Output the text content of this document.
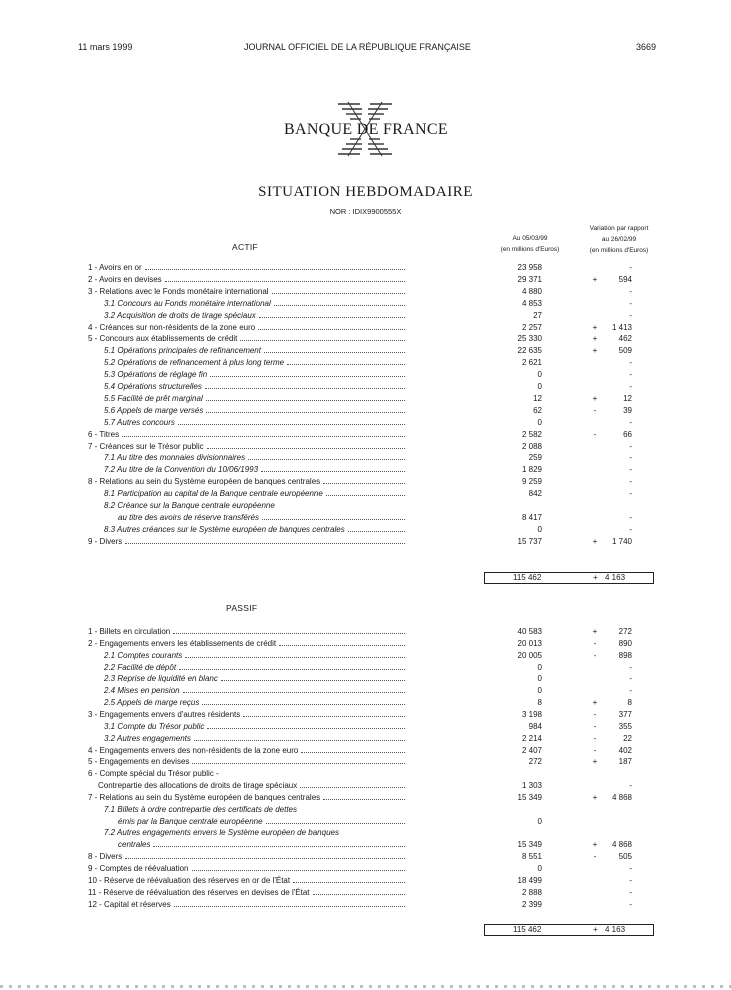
11 mars 1999	JOURNAL OFFICIEL DE LA RÉPUBLIQUE FRANÇAISE	3669
BANQUE DE FRANCE
SITUATION HEBDOMADAIRE
NOR : IDIX9900555X
Au 05/03/99
(en millions d'Euros)
Variation par rapport
au 26/02/99
(en millions d'Euros)
ACTIF
1 - Avoirs en or	23 958	-
2 - Avoirs en devises	29 371	+	594
3 - Relations avec le Fonds monétaire international	4 880	-
3.1 Concours au Fonds monétaire international	4 853	-
3.2 Acquisition de droits de tirage spéciaux	27	-
4 - Créances sur non-résidents de la zone euro	2 257	+	1 413
5 - Concours aux établissements de crédit	25 330	+	462
5.1 Opérations principales de refinancement	22 635	+	509
5.2 Opérations de refinancement à plus long terme	2 621	-
5.3 Opérations de réglage fin	0	-
5.4 Opérations structurelles	0	-
5.5 Facilité de prêt marginal	12	+	12
5.6 Appels de marge versés	62	-	39
5.7 Autres concours	0	-
6 - Titres	2 582	-	66
7 - Créances sur le Trésor public	2 088	-
7.1 Au titre des monnaies divisionnaires	259	-
7.2 Au titre de la Convention du 10/06/1993	1 829	-
8 - Relations au sein du Système européen de banques centrales	9 259	-
8.1 Participation au capital de la Banque centrale européenne	842	-
8.2 Créance sur la Banque centrale européenne
au titre des avoirs de réserve transférés	8 417	-
8.3 Autres créances sur le Système européen de banques centrales	0	-
9 - Divers	15 737	+	1 740
115 462	+ 4 163
PASSIF
1 - Billets en circulation	40 583	+	272
2 - Engagements envers les établissements de crédit	20 013	-	890
2.1 Comptes courants	20 005	-	898
2.2 Facilité de dépôt	0	-
2.3 Reprise de liquidité en blanc	0	-
2.4 Mises en pension	0	-
2.5 Appels de marge reçus	8	+	8
3 - Engagements envers d'autres résidents	3 198	-	377
3.1 Compte du Trésor public	984	-	355
3.2 Autres engagements	2 214	-	22
4 - Engagements envers des non-résidents de la zone euro	2 407	-	402
5 - Engagements en devises	272	+	187
6 - Compte spécial du Trésor public -
Contrepartie des allocations de droits de tirage spéciaux	1 303	-
7 - Relations au sein du Système européen de banques centrales	15 349	+	4 868
7.1 Billets à ordre contrepartie des certificats de dettes
émis par la Banque centrale européenne	0
7.2 Autres engagements envers le Système européen de banques
centrales	15 349	+	4 868
8 - Divers	8 551	-	505
9 - Comptes de réévaluation	0	-
10 - Réserve de réévaluation des réserves en or de l'État	18 499	-
11 - Réserve de réévaluation des réserves en devises de l'État	2 888	-
12 - Capital et réserves	2 399	-
115 462	+ 4 163
